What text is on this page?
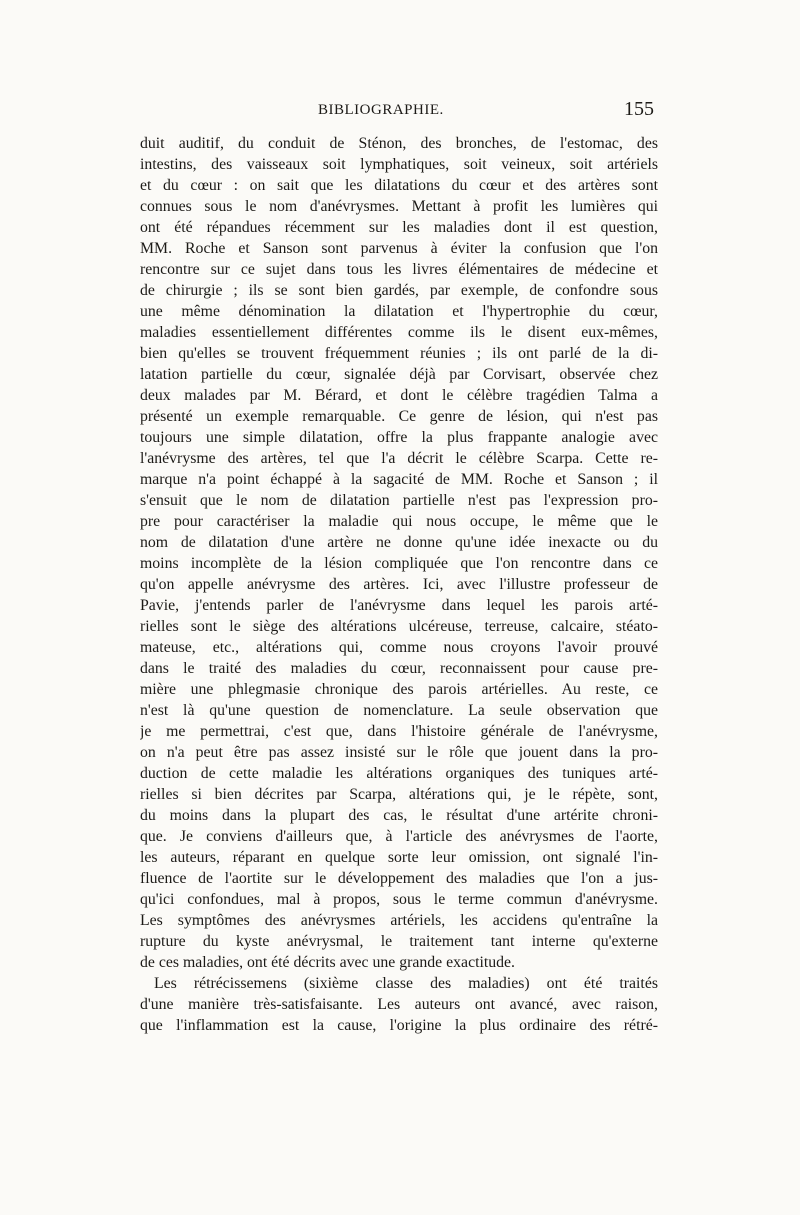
BIBLIOGRAPHIE.	155
duit auditif, du conduit de Sténon, des bronches, de l'estomac, des
intestins, des vaisseaux soit lymphatiques, soit veineux, soit artériels
et du cœur : on sait que les dilatations du cœur et des artères sont
connues sous le nom d'anévrysmes. Mettant à profit les lumières qui
ont été répandues récemment sur les maladies dont il est question,
MM. Roche et Sanson sont parvenus à éviter la confusion que l'on
rencontre sur ce sujet dans tous les livres élémentaires de médecine et
de chirurgie ; ils se sont bien gardés, par exemple, de confondre sous
une même dénomination la dilatation et l'hypertrophie du cœur,
maladies essentiellement différentes comme ils le disent eux-mêmes,
bien qu'elles se trouvent fréquemment réunies ; ils ont parlé de la di-
latation partielle du cœur, signalée déjà par Corvisart, observée chez
deux malades par M. Bérard, et dont le célèbre tragédien Talma a
présenté un exemple remarquable. Ce genre de lésion, qui n'est pas
toujours une simple dilatation, offre la plus frappante analogie avec
l'anévrysme des artères, tel que l'a décrit le célèbre Scarpa. Cette re-
marque n'a point échappé à la sagacité de MM. Roche et Sanson ; il
s'ensuit que le nom de dilatation partielle n'est pas l'expression pro-
pre pour caractériser la maladie qui nous occupe, le même que le
nom de dilatation d'une artère ne donne qu'une idée inexacte ou du
moins incomplète de la lésion compliquée que l'on rencontre dans ce
qu'on appelle anévrysme des artères. Ici, avec l'illustre professeur de
Pavie, j'entends parler de l'anévrysme dans lequel les parois arté-
rielles sont le siège des altérations ulcéreuse, terreuse, calcaire, stéato-
mateuse, etc., altérations qui, comme nous croyons l'avoir prouvé
dans le traité des maladies du cœur, reconnaissent pour cause pre-
mière une phlegmasie chronique des parois artérielles. Au reste, ce
n'est là qu'une question de nomenclature. La seule observation que
je me permettrai, c'est que, dans l'histoire générale de l'anévrysme,
on n'a peut être pas assez insisté sur le rôle que jouent dans la pro-
duction de cette maladie les altérations organiques des tuniques arté-
rielles si bien décrites par Scarpa, altérations qui, je le répète, sont,
du moins dans la plupart des cas, le résultat d'une artérite chroni-
que. Je conviens d'ailleurs que, à l'article des anévrysmes de l'aorte,
les auteurs, réparant en quelque sorte leur omission, ont signalé l'in-
fluence de l'aortite sur le développement des maladies que l'on a jus-
qu'ici confondues, mal à propos, sous le terme commun d'anévrysme.
Les symptômes des anévrysmes artériels, les accidens qu'entraîne la
rupture du kyste anévrysmal, le traitement tant interne qu'externe
de ces maladies, ont été décrits avec une grande exactitude.
Les rétrécissemens (sixième classe des maladies) ont été traités
d'une manière très-satisfaisante. Les auteurs ont avancé, avec raison,
que l'inflammation est la cause, l'origine la plus ordinaire des rétré-
